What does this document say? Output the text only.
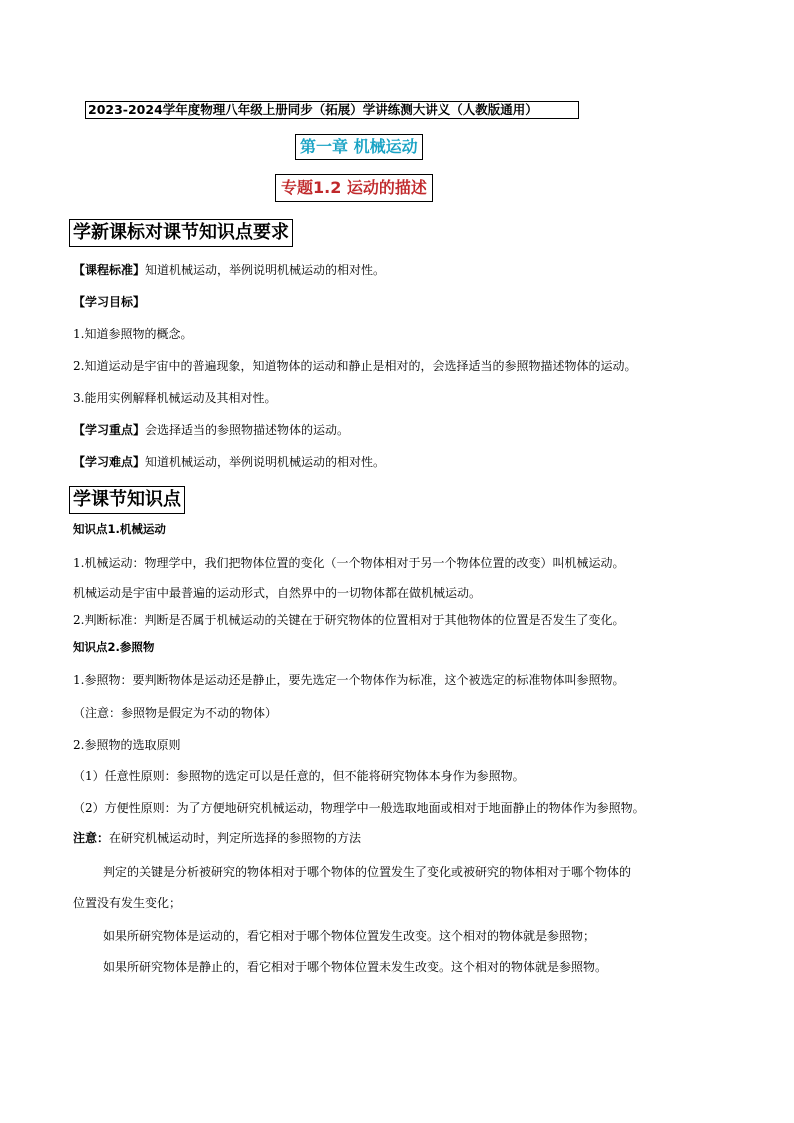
2023-2024学年度物理八年级上册同步（拓展）学讲练测大讲义（人教版通用）
第一章 机械运动
专题1.2 运动的描述
学新课标对课节知识点要求
【课程标准】知道机械运动，举例说明机械运动的相对性。
【学习目标】
1.知道参照物的概念。
2.知道运动是宇宙中的普遍现象，知道物体的运动和静止是相对的，会选择适当的参照物描述物体的运动。
3.能用实例解释机械运动及其相对性。
【学习重点】会选择适当的参照物描述物体的运动。
【学习难点】知道机械运动，举例说明机械运动的相对性。
学课节知识点
知识点1.机械运动
1.机械运动：物理学中，我们把物体位置的变化（一个物体相对于另一个物体位置的改变）叫机械运动。
机械运动是宇宙中最普遍的运动形式，自然界中的一切物体都在做机械运动。
2.判断标准：判断是否属于机械运动的关键在于研究物体的位置相对于其他物体的位置是否发生了变化。
知识点2.参照物
1.参照物：要判断物体是运动还是静止，要先选定一个物体作为标准，这个被选定的标准物体叫参照物。
（注意：参照物是假定为不动的物体）
2.参照物的选取原则
（1）任意性原则：参照物的选定可以是任意的，但不能将研究物体本身作为参照物。
（2）方便性原则：为了方便地研究机械运动，物理学中一般选取地面或相对于地面静止的物体作为参照物。
注意：在研究机械运动时，判定所选择的参照物的方法
判定的关键是分析被研究的物体相对于哪个物体的位置发生了变化或被研究的物体相对于哪个物体的
位置没有发生变化；
如果所研究物体是运动的，看它相对于哪个物体位置发生改变。这个相对的物体就是参照物；
如果所研究物体是静止的，看它相对于哪个物体位置未发生改变。这个相对的物体就是参照物。
